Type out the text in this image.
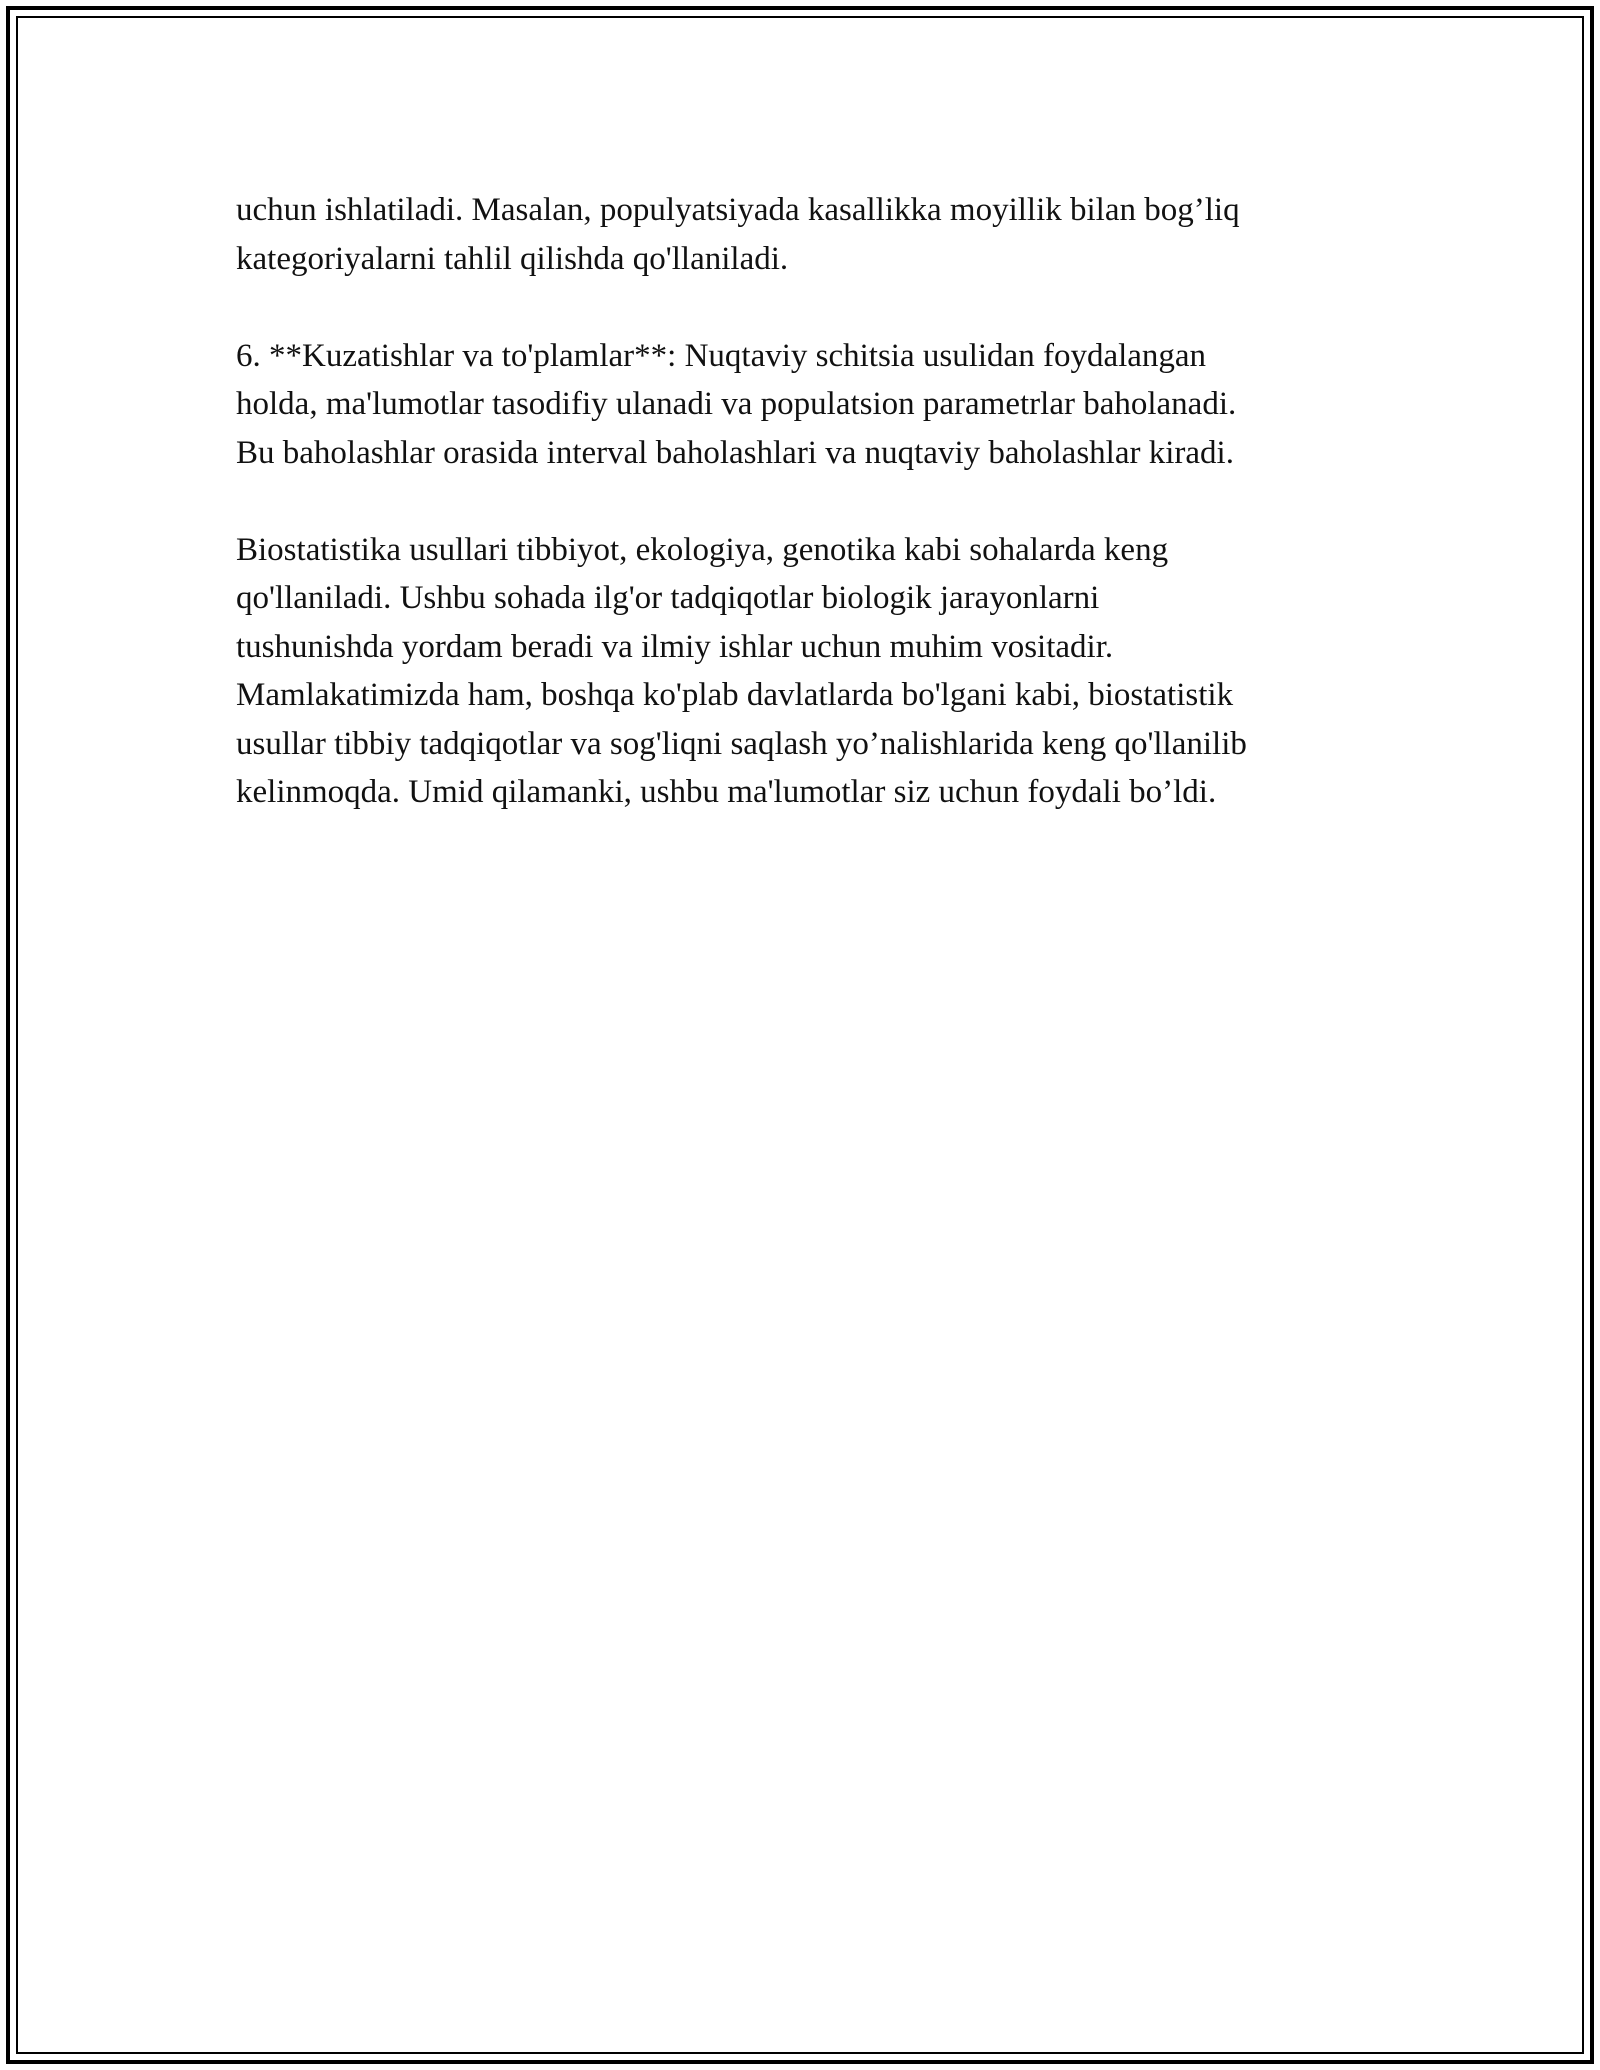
uchun ishlatiladi. Masalan, populyatsiyada kasallikka moyillik bilan bog’liq
kategoriyalarni tahlil qilishda qo'llaniladi.

6. **Kuzatishlar va to'plamlar**: Nuqtaviy schitsia usulidan foydalangan
holda, ma'lumotlar tasodifiy ulanadi va populatsion parametrlar baholanadi.
Bu baholashlar orasida interval baholashlari va nuqtaviy baholashlar kiradi.

Biostatistika usullari tibbiyot, ekologiya, genotika kabi sohalarda keng
qo'llaniladi. Ushbu sohada ilg'or tadqiqotlar biologik jarayonlarni
tushunishda yordam beradi va ilmiy ishlar uchun muhim vositadir.
Mamlakatimizda ham, boshqa ko'plab davlatlarda bo'lgani kabi, biostatistik
usullar tibbiy tadqiqotlar va sog'liqni saqlash yo’nalishlarida keng qo'llanilib
kelinmoqda. Umid qilamanki, ushbu ma'lumotlar siz uchun foydali bo’ldi.
